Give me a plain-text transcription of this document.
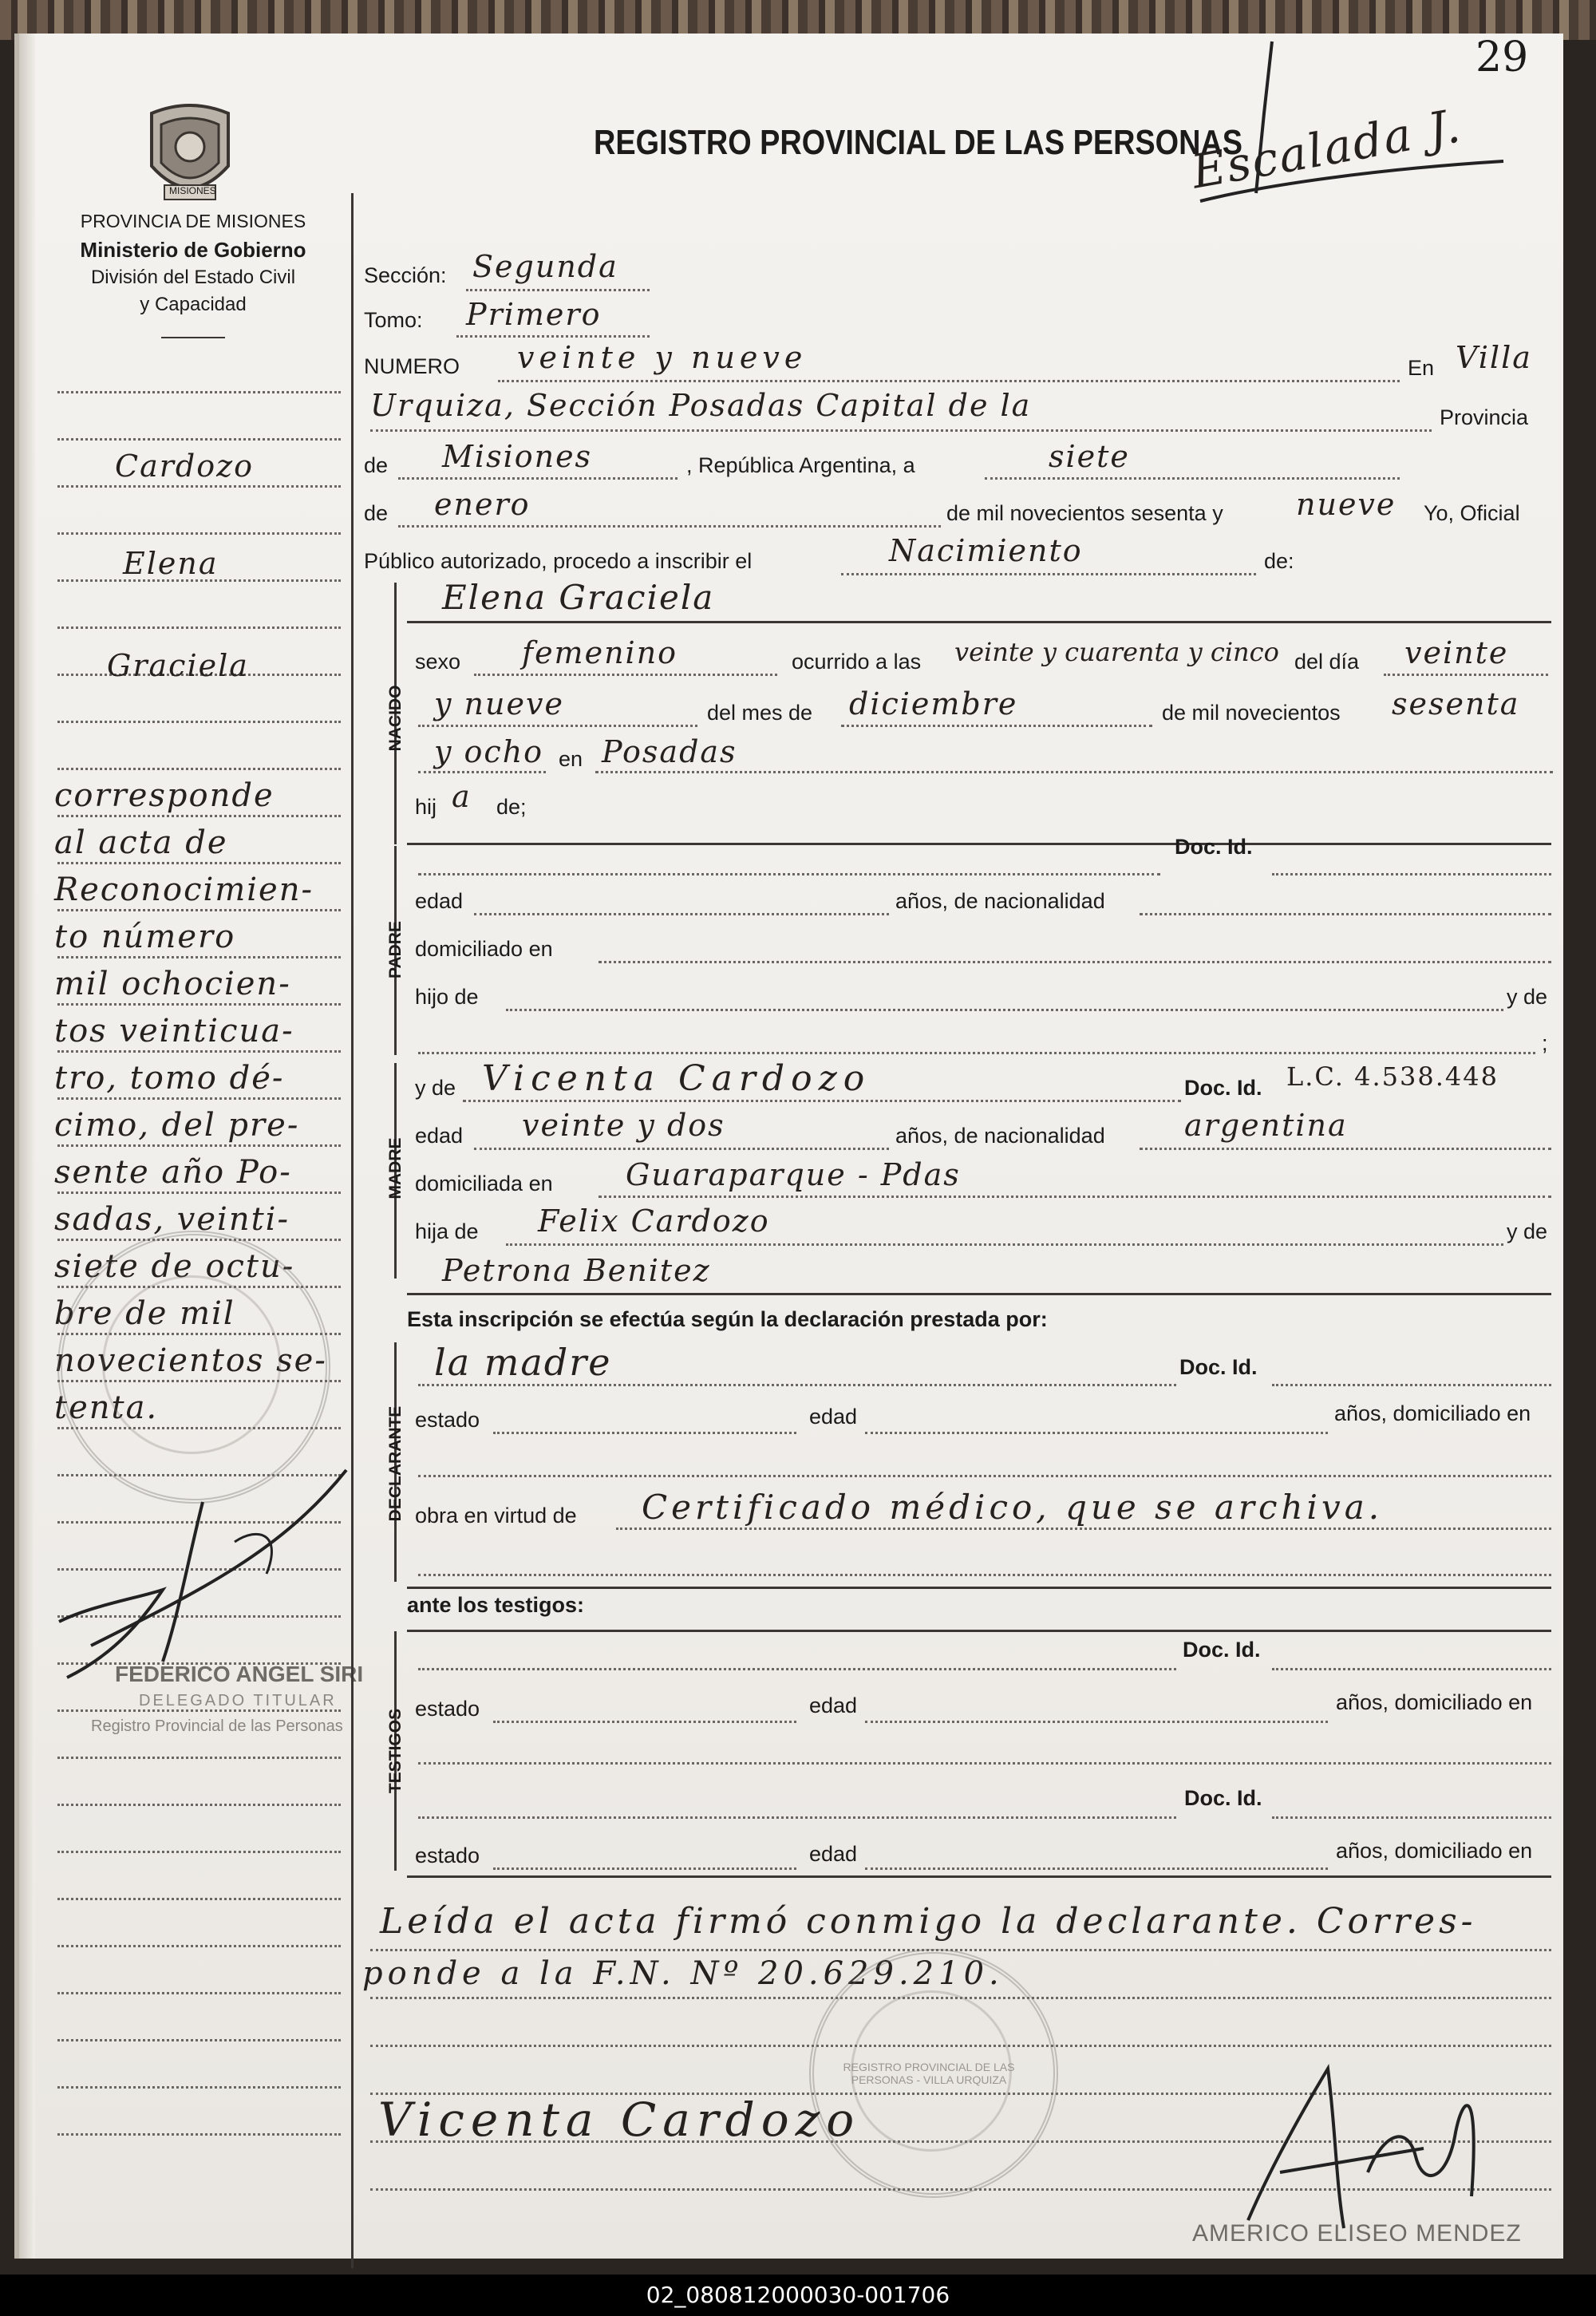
29
REGISTRO PROVINCIAL DE LAS PERSONAS
Escalada J.
MISIONES
PROVINCIA DE MISIONES
Ministerio de Gobierno
División del Estado Civil
y Capacidad
Cardozo
Elena
Graciela
corresponde
al acta de
Reconocimien-
to número
mil ochocien-
tos veinticua-
tro, tomo dé-
cimo, del pre-
sente año Po-
sadas, veinti-
siete de octu-
bre de mil
novecientos se-
tenta.
FEDERICO ANGEL SIRI
DELEGADO TITULAR
Registro Provincial de las Personas
NACIDO
PADRE
MADRE
DECLARANTE
TESTIGOS
Sección: Segunda
Tomo: Primero
NUMERO veinte y nueve	En Villa
Urquiza, Sección Posadas Capital de la	Provincia
de Misiones	, República Argentina, a	siete
de enero	de mil novecientos sesenta y nueve Yo, Oficial
Público autorizado, procedo a inscribir el	Nacimiento	de:
Elena Graciela
sexo femenino	ocurrido a las veinte y cuarenta y cinco del día veinte
y nueve	del mes de diciembre	de mil novecientos sesenta
y ocho en Posadas
hij a de;
Doc. Id.
edad	años, de nacionalidad
domiciliado en
hijo de	y de
;
y de Vicenta Cardozo	Doc. Id. L.C. 4.538.448
edad veinte y dos	años, de nacionalidad	argentina
domiciliada en Guaraparque - Pdas
hija de Felix Cardozo	y de
Petrona Benitez
Esta inscripción se efectúa según la declaración prestada por:
la madre	Doc. Id.
estado	edad	años, domiciliado en
obra en virtud de Certificado médico, que se archiva.
ante los testigos:
Doc. Id.
estado	edad	años, domiciliado en
Doc. Id.
estado	edad	años, domiciliado en
Leída el acta firmó conmigo la declarante. Corres-
ponde a la F.N. Nº 20.629.210.
REGISTRO PROVINCIAL DE LAS PERSONAS - VILLA URQUIZA
Vicenta Cardozo
AMERICO ELISEO MENDEZ
02_080812000030-001706
